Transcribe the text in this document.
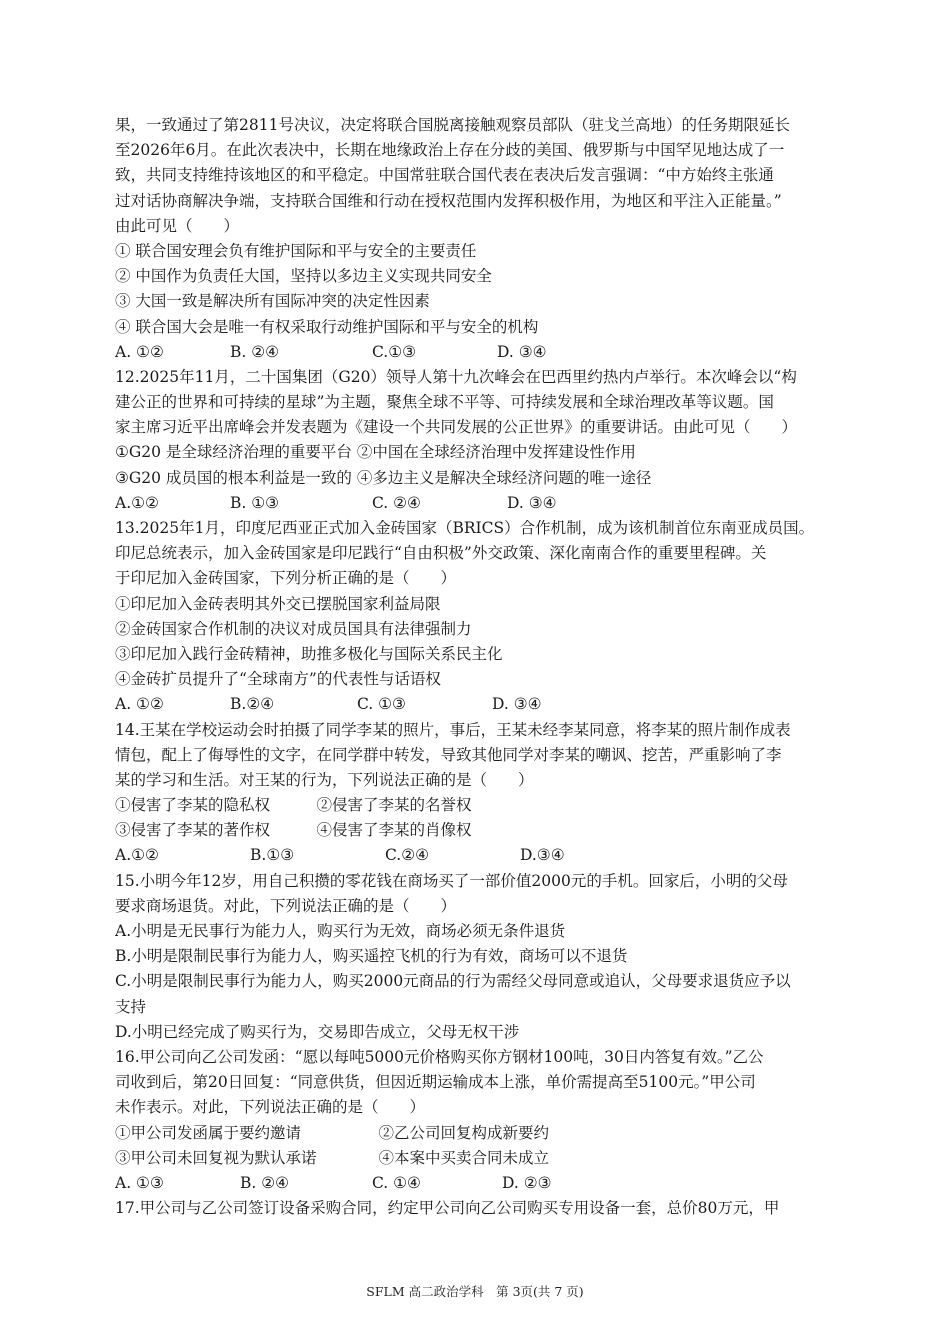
果，一致通过了第2811号决议，决定将联合国脱离接触观察员部队（驻戈兰高地）的任务期限延长
至2026年6月。在此次表决中，长期在地缘政治上存在分歧的美国、俄罗斯与中国罕见地达成了一
致，共同支持维持该地区的和平稳定。中国常驻联合国代表在表决后发言强调：“中方始终主张通
过对话协商解决争端，支持联合国维和行动在授权范围内发挥积极作用，为地区和平注入正能量。”
由此可见（　　）
① 联合国安理会负有维护国际和平与安全的主要责任
② 中国作为负责任大国，坚持以多边主义实现共同安全
③ 大国一致是解决所有国际冲突的决定性因素
④ 联合国大会是唯一有权采取行动维护国际和平与安全的机构
A. ①②	B. ②④	C.①③	D. ③④
12.2025年11月，二十国集团（G20）领导人第十九次峰会在巴西里约热内卢举行。本次峰会以“构
建公正的世界和可持续的星球”为主题，聚焦全球不平等、可持续发展和全球治理改革等议题。国
家主席习近平出席峰会并发表题为《建设一个共同发展的公正世界》的重要讲话。由此可见（　　）
①G20 是全球经济治理的重要平台 ②中国在全球经济治理中发挥建设性作用
③G20 成员国的根本利益是一致的 ④多边主义是解决全球经济问题的唯一途径
A.①②	B. ①③	C. ②④	D. ③④
13.2025年1月，印度尼西亚正式加入金砖国家（BRICS）合作机制，成为该机制首位东南亚成员国。
印尼总统表示，加入金砖国家是印尼践行“自由积极”外交政策、深化南南合作的重要里程碑。关
于印尼加入金砖国家，下列分析正确的是（　　）
①印尼加入金砖表明其外交已摆脱国家利益局限
②金砖国家合作机制的决议对成员国具有法律强制力
③印尼加入践行金砖精神，助推多极化与国际关系民主化
④金砖扩员提升了“全球南方”的代表性与话语权
A. ①②	B.②④	C. ①③	D. ③④
14.王某在学校运动会时拍摄了同学李某的照片，事后，王某未经李某同意，将李某的照片制作成表
情包，配上了侮辱性的文字，在同学群中转发，导致其他同学对李某的嘲讽、挖苦，严重影响了李
某的学习和生活。对王某的行为，下列说法正确的是（　　）
①侵害了李某的隐私权　　　②侵害了李某的名誉权
③侵害了李某的著作权　　　④侵害了李某的肖像权
A.①②	B.①③	C.②④	D.③④
15.小明今年12岁，用自己积攒的零花钱在商场买了一部价值2000元的手机。回家后，小明的父母
要求商场退货。对此，下列说法正确的是（　　）
A.小明是无民事行为能力人，购买行为无效，商场必须无条件退货
B.小明是限制民事行为能力人，购买遥控飞机的行为有效，商场可以不退货
C.小明是限制民事行为能力人，购买2000元商品的行为需经父母同意或追认，父母要求退货应予以
支持
D.小明已经完成了购买行为，交易即告成立，父母无权干涉
16.甲公司向乙公司发函：“愿以每吨5000元价格购买你方钢材100吨，30日内答复有效。”乙公
司收到后，第20日回复：“同意供货，但因近期运输成本上涨，单价需提高至5100元。”甲公司
未作表示。对此，下列说法正确的是（　　）
①甲公司发函属于要约邀请　　　　　②乙公司回复构成新要约
③甲公司未回复视为默认承诺　　　　④本案中买卖合同未成立
A. ①③	B. ②④	C. ①④	D. ②③
17.甲公司与乙公司签订设备采购合同，约定甲公司向乙公司购买专用设备一套，总价80万元，甲
SFLM 高二政治学科　第 3页(共 7 页)
